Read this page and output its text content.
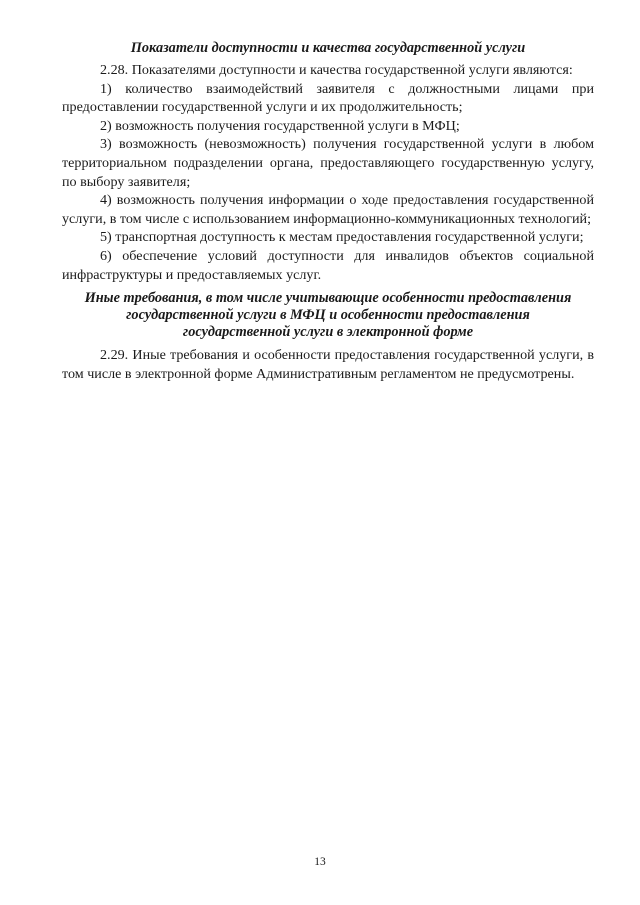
Показатели доступности и качества государственной услуги

2.28. Показателями доступности и качества государственной услуги являются:

1) количество взаимодействий заявителя с должностными лицами при предоставлении государственной услуги и их продолжительность;

2) возможность получения государственной услуги в МФЦ;

3) возможность (невозможность) получения государственной услуги в любом территориальном подразделении органа, предоставляющего государственную услугу, по выбору заявителя;

4) возможность получения информации о ходе предоставления государственной услуги, в том числе с использованием информационно-коммуникационных технологий;

5) транспортная доступность к местам предоставления государственной услуги;

6) обеспечение условий доступности для инвалидов объектов социальной инфраструктуры и предоставляемых услуг.

Иные требования, в том числе учитывающие особенности предоставления
государственной услуги в МФЦ и особенности предоставления
государственной услуги в электронной форме

2.29. Иные требования и особенности предоставления государственной услуги, в том числе в электронной форме Административным регламентом не предусмотрены.

13
